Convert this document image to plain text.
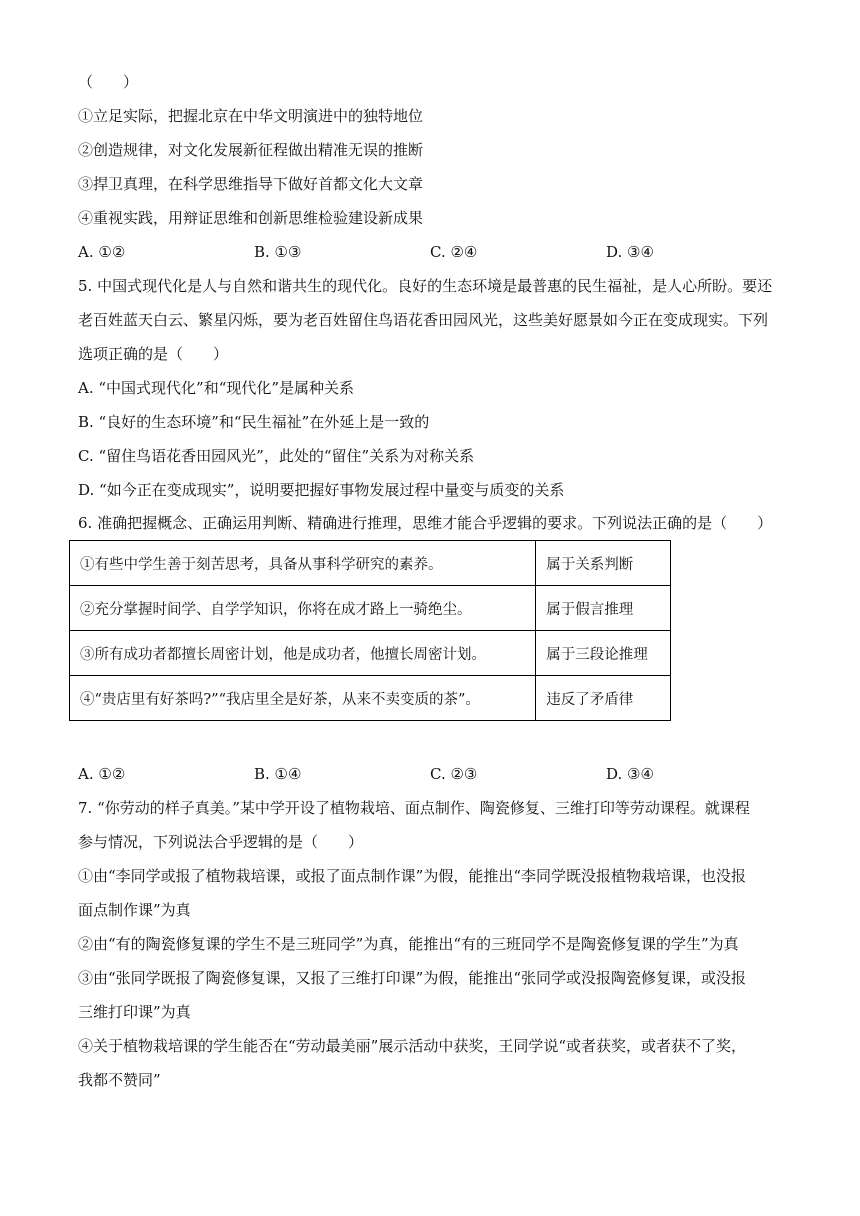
（　　）
①立足实际，把握北京在中华文明演进中的独特地位
②创造规律，对文化发展新征程做出精准无误的推断
③捍卫真理，在科学思维指导下做好首都文化大文章
④重视实践，用辩证思维和创新思维检验建设新成果
A. ①②	B. ①③	C. ②④	D. ③④
5. 中国式现代化是人与自然和谐共生的现代化。良好的生态环境是最普惠的民生福祉，是人心所盼。要还
老百姓蓝天白云、繁星闪烁，要为老百姓留住鸟语花香田园风光，这些美好愿景如今正在变成现实。下列
选项正确的是（　　）
A. “中国式现代化”和“现代化”是属种关系
B. “良好的生态环境”和“民生福祉”在外延上是一致的
C. “留住鸟语花香田园风光”，此处的“留住”关系为对称关系
D. “如今正在变成现实”，说明要把握好事物发展过程中量变与质变的关系
6. 准确把握概念、正确运用判断、精确进行推理，思维才能合乎逻辑的要求。下列说法正确的是（　　）
①有些中学生善于刻苦思考，具备从事科学研究的素养。	属于关系判断
②充分掌握时间学、自学学知识，你将在成才路上一骑绝尘。	属于假言推理
③所有成功者都擅长周密计划，他是成功者，他擅长周密计划。	属于三段论推理
④“贵店里有好茶吗?”“我店里全是好茶，从来不卖变质的茶”。	违反了矛盾律
A. ①②	B. ①④	C. ②③	D. ③④
7. “你劳动的样子真美。”某中学开设了植物栽培、面点制作、陶瓷修复、三维打印等劳动课程。就课程
参与情况，下列说法合乎逻辑的是（　　）
①由“李同学或报了植物栽培课，或报了面点制作课”为假，能推出“李同学既没报植物栽培课，也没报
面点制作课”为真
②由“有的陶瓷修复课的学生不是三班同学”为真，能推出“有的三班同学不是陶瓷修复课的学生”为真
③由“张同学既报了陶瓷修复课，又报了三维打印课”为假，能推出“张同学或没报陶瓷修复课，或没报
三维打印课”为真
④关于植物栽培课的学生能否在“劳动最美丽”展示活动中获奖，王同学说“或者获奖，或者获不了奖，
我都不赞同”
